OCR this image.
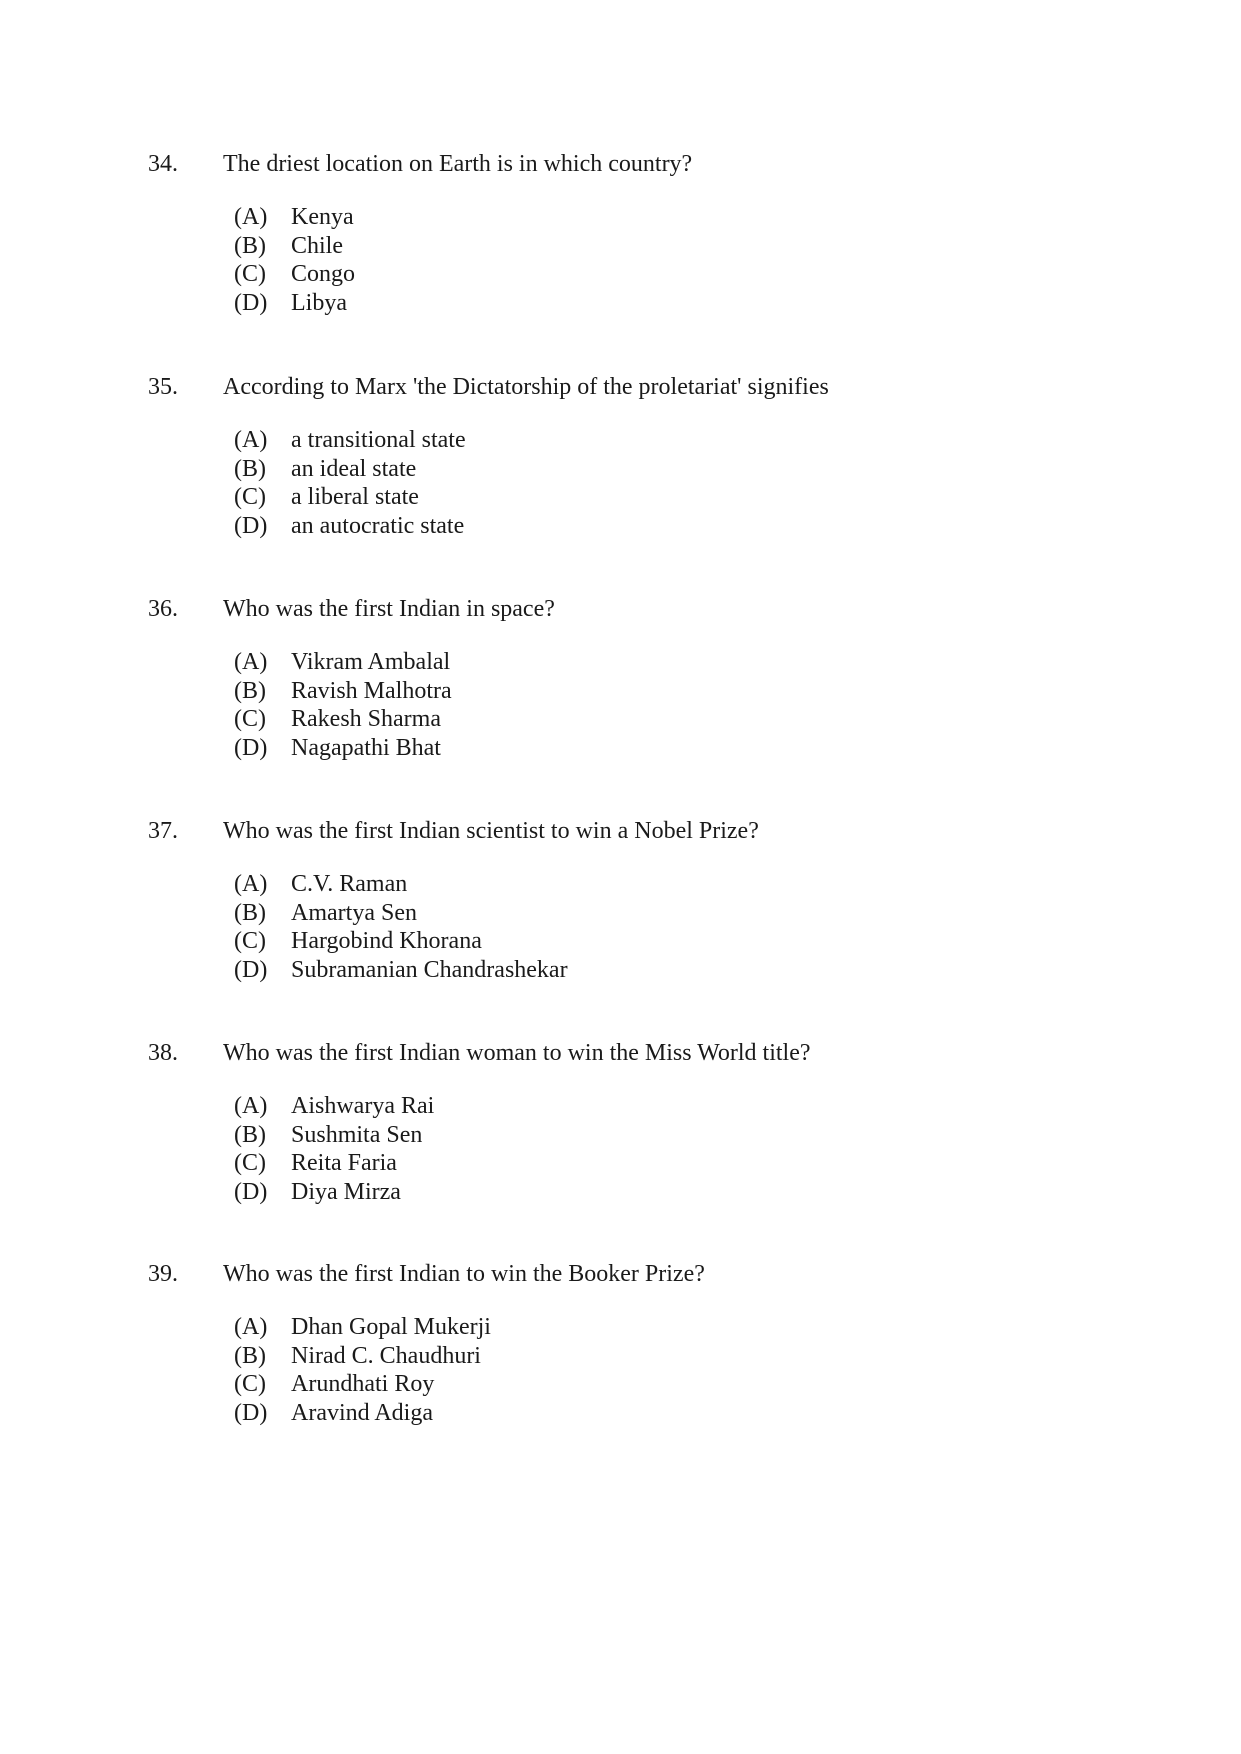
34.	The driest location on Earth is in which country?
(A) Kenya
(B)	Chile
(C)	Congo
(D) Libya
35.	According to Marx 'the Dictatorship of the proletariat' signifies
(A) a transitional state
(B)	an ideal state
(C)	a liberal state
(D) an autocratic state
36.	Who was the first Indian in space?
(A) Vikram Ambalal
(B)	Ravish Malhotra
(C)	Rakesh Sharma
(D) Nagapathi Bhat
37.	Who was the first Indian scientist to win a Nobel Prize?
(A) C.V. Raman
(B)	Amartya Sen
(C)	Hargobind Khorana
(D) Subramanian Chandrashekar
38.	Who was the first Indian woman to win the Miss World title?
(A) Aishwarya Rai
(B)	Sushmita Sen
(C)	Reita Faria
(D) Diya Mirza
39.	Who was the first Indian to win the Booker Prize?
(A) Dhan Gopal Mukerji
(B)	Nirad C. Chaudhuri
(C)	Arundhati Roy
(D) Aravind Adiga
